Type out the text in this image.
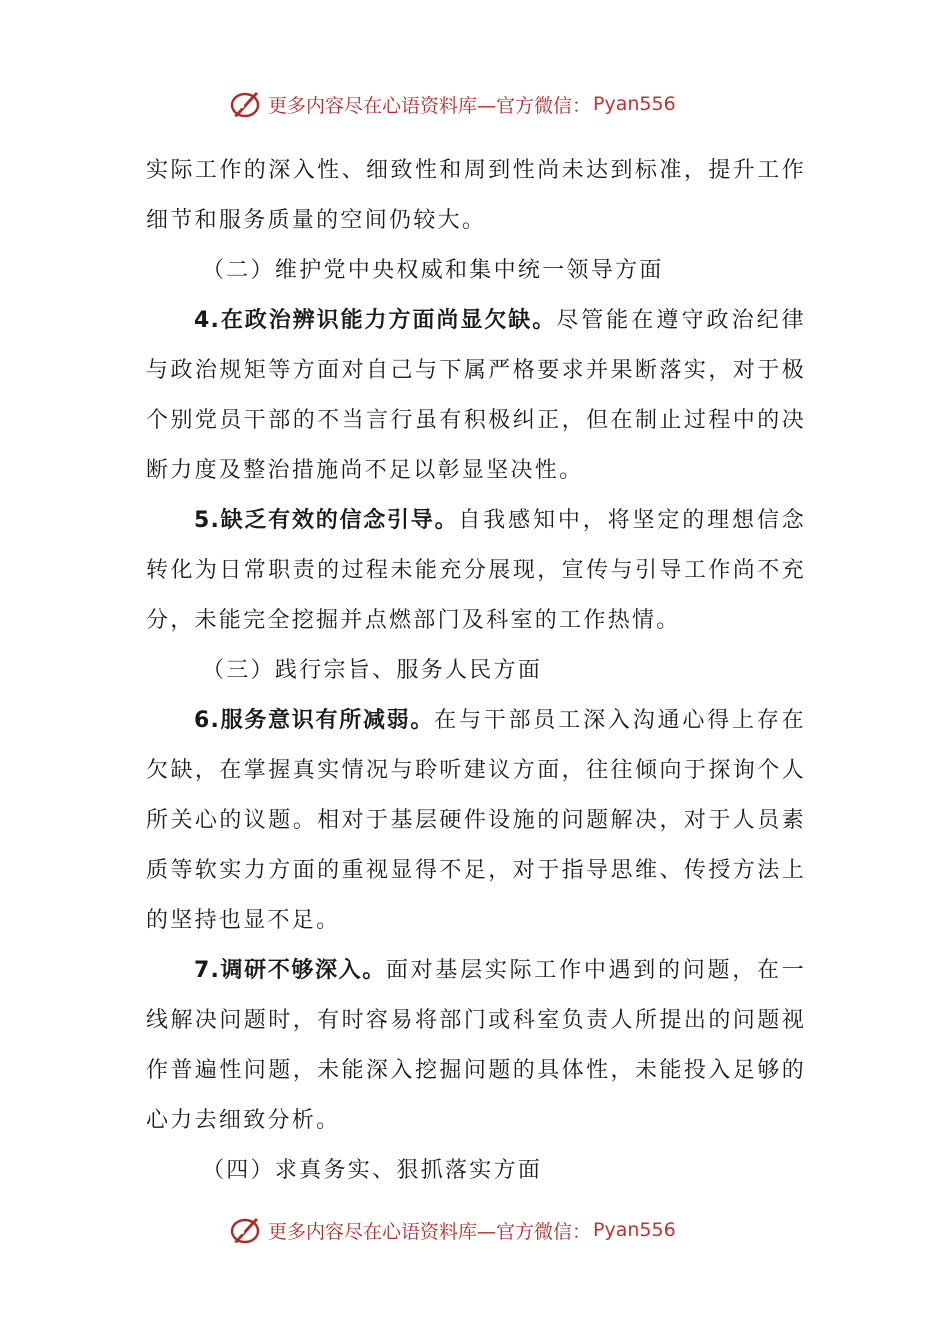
更多内容尽在心语资料库—官方微信： Pyan556

实际工作的深入性、细致性和周到性尚未达到标准，提升工作细节和服务质量的空间仍较大。

（二）维护党中央权威和集中统一领导方面

4.在政治辨识能力方面尚显欠缺。尽管能在遵守政治纪律与政治规矩等方面对自己与下属严格要求并果断落实，对于极个别党员干部的不当言行虽有积极纠正，但在制止过程中的决断力度及整治措施尚不足以彰显坚决性。

5.缺乏有效的信念引导。自我感知中，将坚定的理想信念转化为日常职责的过程未能充分展现，宣传与引导工作尚不充分，未能完全挖掘并点燃部门及科室的工作热情。

（三）践行宗旨、服务人民方面

6.服务意识有所减弱。在与干部员工深入沟通心得上存在欠缺，在掌握真实情况与聆听建议方面，往往倾向于探询个人所关心的议题。相对于基层硬件设施的问题解决，对于人员素质等软实力方面的重视显得不足，对于指导思维、传授方法上的坚持也显不足。

7.调研不够深入。面对基层实际工作中遇到的问题，在一线解决问题时，有时容易将部门或科室负责人所提出的问题视作普遍性问题，未能深入挖掘问题的具体性，未能投入足够的心力去细致分析。

（四）求真务实、狠抓落实方面

更多内容尽在心语资料库—官方微信： Pyan556
